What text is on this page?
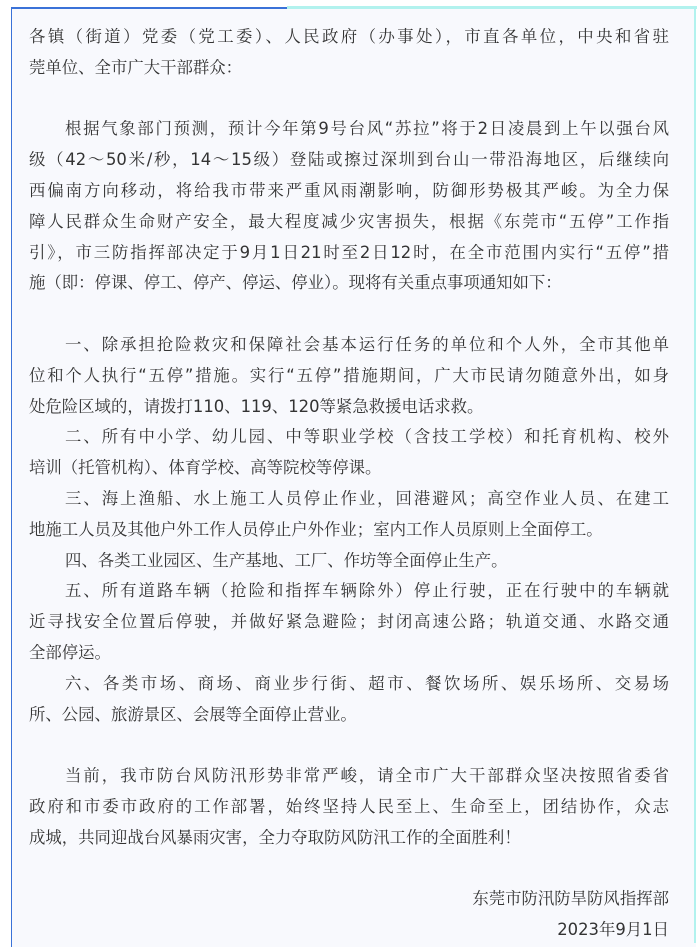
各镇（街道）党委（党工委）、人民政府（办事处），市直各单位，中央和省驻
莞单位、全市广大干部群众：
根据气象部门预测，预计今年第9号台风“苏拉”将于2日凌晨到上午以强台风
级（42～50米/秒，14～15级）登陆或擦过深圳到台山一带沿海地区，后继续向
西偏南方向移动，将给我市带来严重风雨潮影响，防御形势极其严峻。为全力保
障人民群众生命财产安全，最大程度减少灾害损失，根据《东莞市“五停”工作指
引》，市三防指挥部决定于9月1日21时至2日12时，在全市范围内实行“五停”措
施（即：停课、停工、停产、停运、停业）。现将有关重点事项通知如下：
一、除承担抢险救灾和保障社会基本运行任务的单位和个人外，全市其他单
位和个人执行“五停”措施。实行“五停”措施期间，广大市民请勿随意外出，如身
处危险区域的，请拨打110、119、120等紧急救援电话求救。
二、所有中小学、幼儿园、中等职业学校（含技工学校）和托育机构、校外
培训（托管机构）、体育学校、高等院校等停课。
三、海上渔船、水上施工人员停止作业，回港避风；高空作业人员、在建工
地施工人员及其他户外工作人员停止户外作业；室内工作人员原则上全面停工。
四、各类工业园区、生产基地、工厂、作坊等全面停止生产。
五、所有道路车辆（抢险和指挥车辆除外）停止行驶，正在行驶中的车辆就
近寻找安全位置后停驶，并做好紧急避险；封闭高速公路；轨道交通、水路交通
全部停运。
六、各类市场、商场、商业步行街、超市、餐饮场所、娱乐场所、交易场
所、公园、旅游景区、会展等全面停止营业。
当前，我市防台风防汛形势非常严峻，请全市广大干部群众坚决按照省委省
政府和市委市政府的工作部署，始终坚持人民至上、生命至上，团结协作，众志
成城，共同迎战台风暴雨灾害，全力夺取防风防汛工作的全面胜利！
东莞市防汛防旱防风指挥部
2023年9月1日
